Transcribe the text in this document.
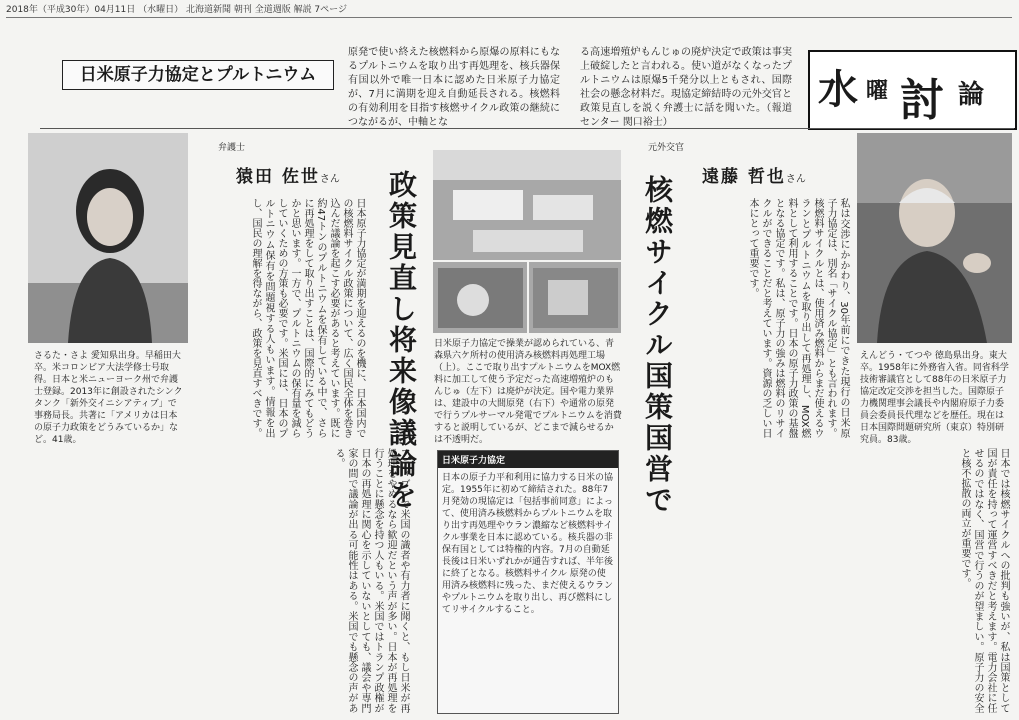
2018年（平成30年）04月11日 （水曜日） 北海道新聞 朝刊 全道週版 解説 7ページ
日米原子力協定とプルトニウム
原発で使い終えた核燃料から原爆の原料にもなるプルトニウムを取り出す再処理を、核兵器保有国以外で唯一日本に認めた日米原子力協定が、7月に満期を迎え自動延長される。核燃料の有効利用を目指す核燃サイクル政策の継続につながるが、中軸とな
る高速増殖炉もんじゅの廃炉決定で政策は事実上破綻したと言われる。使い道がなくなったプルトニウムは原爆5千発分以上ともされ、国際社会の懸念材料だ。現協定締結時の元外交官と政策見直しを説く弁護士に話を聞いた。（報道センター 関口裕士）
水 曜 討 論
さるた・さよ 愛知県出身。早稲田大卒。米コロンビア大法学修士号取得。日本と米ニューヨーク州で弁護士登録。2013年に創設されたシンクタンク「新外交イニシアティブ」で事務局長。共著に「アメリカは日本の原子力政策をどうみているか」など。41歳。
弁護士
猿田 佐世さん
日本原子力協定が満期を迎えるのを機に、日本国内での核燃料サイクル政策について、広く国民全体を巻き込んだ議論を起こす必要があると考えています。既に約47トンのプルトニウムを保有している中で、さらに再処理をして取り出すことは、国際的にみてもどうかと思います。一方で、プルトニウムの保有量を減らしていくための方策も必要です。米国には、日本のプルトニウム保有を問題視する人もいます。情報を出し、国民の理解を得ながら、政策を見直すべきです。	政策見直し将来像議論を
アティブ」で米国の識者や有力者に聞くと、もし日米が再処理をやめるなら歓迎だという声が多い。日本が再処理を行うことに懸念を持つ人もいる。米国ではトランプ政権が日本の再処理に関心を示していないとしても、議会や専門家の間で議論が出る可能性はある。米国でも懸念の声がある。
日米原子力協定で操業が認められている、青森県六ケ所村の使用済み核燃料再処理工場（上）。ここで取り出すプルトニウムをMOX燃料に加工して使う予定だった高速増殖炉のもんじゅ（左下）は廃炉が決定。国や電力業界は、建設中の大間原発（右下）や通常の原発で行うプルサーマル発電でプルトニウムを消費すると説明しているが、どこまで減らせるかは不透明だ。
日米原子力協定
日本の原子力平和利用に協力する日米の協定。1955年に初めて締結された。88年7月発効の現協定は「包括事前同意」によって、使用済み核燃料からプルトニウムを取り出す再処理やウラン濃縮など核燃料サイクル事業を日本に認めている。核兵器の非保有国としては特権的内容。7月の自動延長後は日米いずれかが通告すれば、半年後に終了となる。核燃料サイクル 原発の使用済み核燃料に残った、まだ使えるウランやプルトニウムを取り出し、再び燃料にしてリサイクルすること。
元外交官
遠藤 哲也さん
核燃サイクル国策国営で	私は交渉にかかわり、30年前にできた現行の日米原子力協定は、別名「サイクル協定」とも言われます。核燃料サイクルとは、使用済み燃料からまだ使えるウランとプルトニウムを取り出して再処理し、MOX燃料として利用することです。日本の原子力政策の基盤となる協定です。私は、原子力の強みは燃料のリサイクルができることだと考えています。資源の乏しい日本にとって重要です。
えんどう・てつや 徳島県出身。東大卒。1958年に外務省入省。同省科学技術審議官として88年の日米原子力協定改定交渉を担当した。国際原子力機関理事会議長や内閣府原子力委員会委員長代理などを歴任。現在は日本国際問題研究所（東京）特別研究員。83歳。
日本では核燃サイクルへの批判も強いが、私は国策として国が責任を持って運営すべきだと考えます。電力会社に任せるのではなく、国営で行うのが望ましい。原子力の安全と核不拡散の両立が重要です。
